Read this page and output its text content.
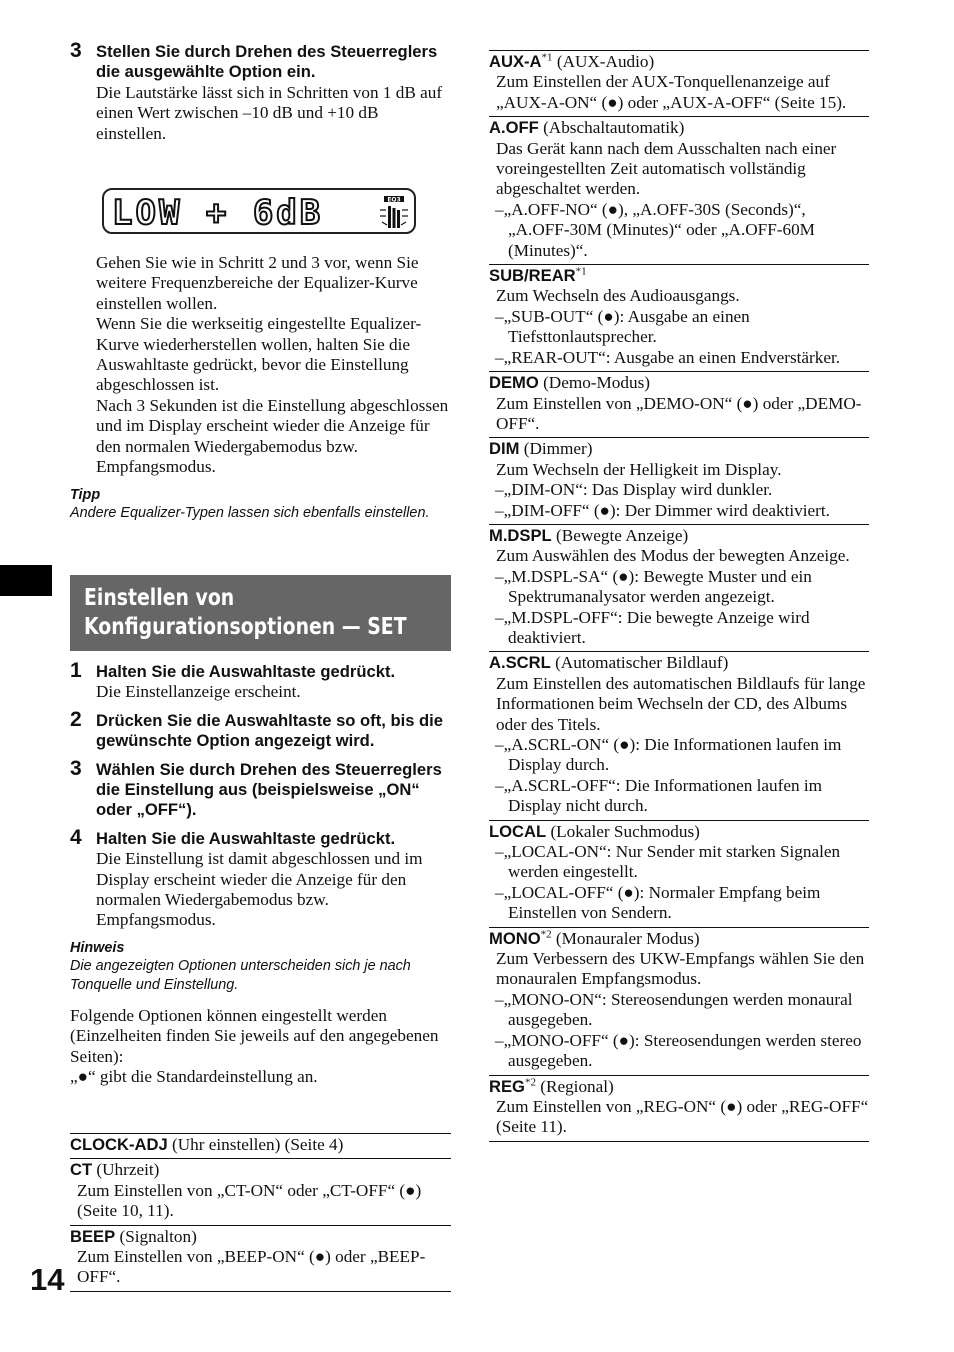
3 Stellen Sie durch Drehen des Steuerreglers die ausgewählte Option ein.
Die Lautstärke lässt sich in Schritten von 1 dB auf einen Wert zwischen –10 dB und +10 dB einstellen.
LOW + 6dB	EQ3
Gehen Sie wie in Schritt 2 und 3 vor, wenn Sie weitere Frequenzbereiche der Equalizer-Kurve einstellen wollen.
Wenn Sie die werkseitig eingestellte Equalizer-Kurve wiederherstellen wollen, halten Sie die Auswahltaste gedrückt, bevor die Einstellung abgeschlossen ist.
Nach 3 Sekunden ist die Einstellung abgeschlossen und im Display erscheint wieder die Anzeige für den normalen Wiedergabemodus bzw. Empfangsmodus.
Tipp
Andere Equalizer-Typen lassen sich ebenfalls einstellen.
Einstellen von
Konfigurationsoptionen — SET
1 Halten Sie die Auswahltaste gedrückt.
Die Einstellanzeige erscheint.
2 Drücken Sie die Auswahltaste so oft, bis die gewünschte Option angezeigt wird.
3 Wählen Sie durch Drehen des Steuerreglers die Einstellung aus (beispielsweise „ON“ oder „OFF“).
4 Halten Sie die Auswahltaste gedrückt.
Die Einstellung ist damit abgeschlossen und im Display erscheint wieder die Anzeige für den normalen Wiedergabemodus bzw. Empfangsmodus.
Hinweis
Die angezeigten Optionen unterscheiden sich je nach Tonquelle und Einstellung.
Folgende Optionen können eingestellt werden (Einzelheiten finden Sie jeweils auf den angegebenen Seiten):
„●“ gibt die Standardeinstellung an.
CLOCK-ADJ (Uhr einstellen) (Seite 4)
CT (Uhrzeit)
Zum Einstellen von „CT-ON“ oder „CT-OFF“ (●) (Seite 10, 11).
BEEP (Signalton)
Zum Einstellen von „BEEP-ON“ (●) oder „BEEP-OFF“.
14
AUX-$A^{*1}$ (AUX-Audio)
Zum Einstellen der AUX-Tonquellenanzeige auf „AUX-A-ON“ (●) oder „AUX-A-OFF“ (Seite 15).
A.OFF (Abschaltautomatik)
Das Gerät kann nach dem Ausschalten nach einer voreingestellten Zeit automatisch vollständig abgeschaltet werden.
–„A.OFF-NO“ (●), „A.OFF-30S (Seconds)“, „A.OFF-30M (Minutes)“ oder „A.OFF-60M (Minutes)“.
SUB/REAR$^{*1}$
Zum Wechseln des Audioausgangs.
–„SUB-OUT“ (●): Ausgabe an einen Tiefsttonlautsprecher.
–„REAR-OUT“: Ausgabe an einen Endverstärker.
DEMO (Demo-Modus)
Zum Einstellen von „DEMO-ON“ (●) oder „DEMO-OFF“.
DIM (Dimmer)
Zum Wechseln der Helligkeit im Display.
–„DIM-ON“: Das Display wird dunkler.
–„DIM-OFF“ (●): Der Dimmer wird deaktiviert.
M.DSPL (Bewegte Anzeige)
Zum Auswählen des Modus der bewegten Anzeige.
–„M.DSPL-SA“ (●): Bewegte Muster und ein Spektrumanalysator werden angezeigt.
–„M.DSPL-OFF“: Die bewegte Anzeige wird deaktiviert.
A.SCRL (Automatischer Bildlauf)
Zum Einstellen des automatischen Bildlaufs für lange Informationen beim Wechseln der CD, des Albums oder des Titels.
–„A.SCRL-ON“ (●): Die Informationen laufen im Display durch.
–„A.SCRL-OFF“: Die Informationen laufen im Display nicht durch.
LOCAL (Lokaler Suchmodus)
–„LOCAL-ON“: Nur Sender mit starken Signalen werden eingestellt.
–„LOCAL-OFF“ (●): Normaler Empfang beim Einstellen von Sendern.
MONO$^{*2}$ (Monauraler Modus)
Zum Verbessern des UKW-Empfangs wählen Sie den monauralen Empfangsmodus.
–„MONO-ON“: Stereosendungen werden monaural ausgegeben.
–„MONO-OFF“ (●): Stereosendungen werden stereo ausgegeben.
REG$^{*2}$ (Regional)
Zum Einstellen von „REG-ON“ (●) oder „REG-OFF“ (Seite 11).
